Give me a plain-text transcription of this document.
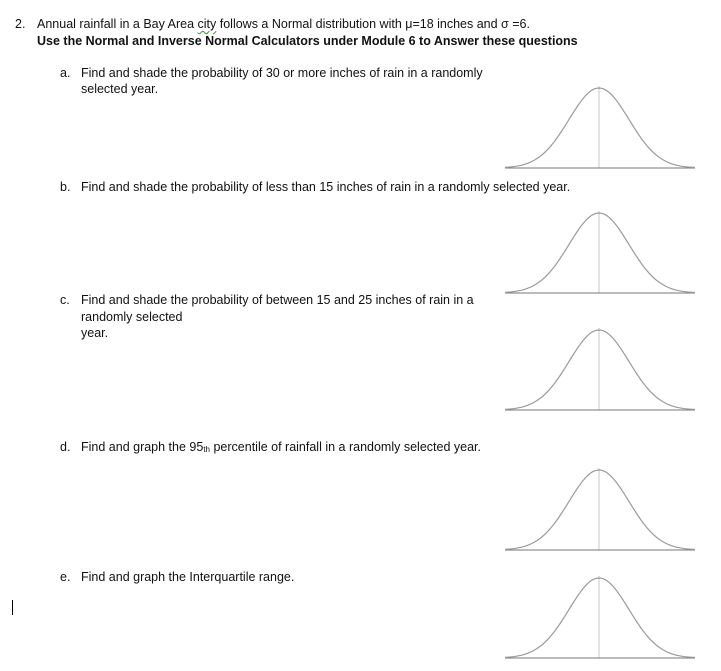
2. Annual rainfall in a Bay Area city follows a Normal distribution with μ=18 inches and σ =6.
Use the Normal and Inverse Normal Calculators under Module 6 to Answer these questions
a. Find and shade the probability of 30 or more inches of rain in a randomly
selected year.
b. Find and shade the probability of less than 15 inches of rain in a randomly selected year.
c. Find and shade the probability of between 15 and 25 inches of rain in a
randomly selected
year.
d. Find and graph the 95th percentile of rainfall in a randomly selected year.
e. Find and graph the Interquartile range.
